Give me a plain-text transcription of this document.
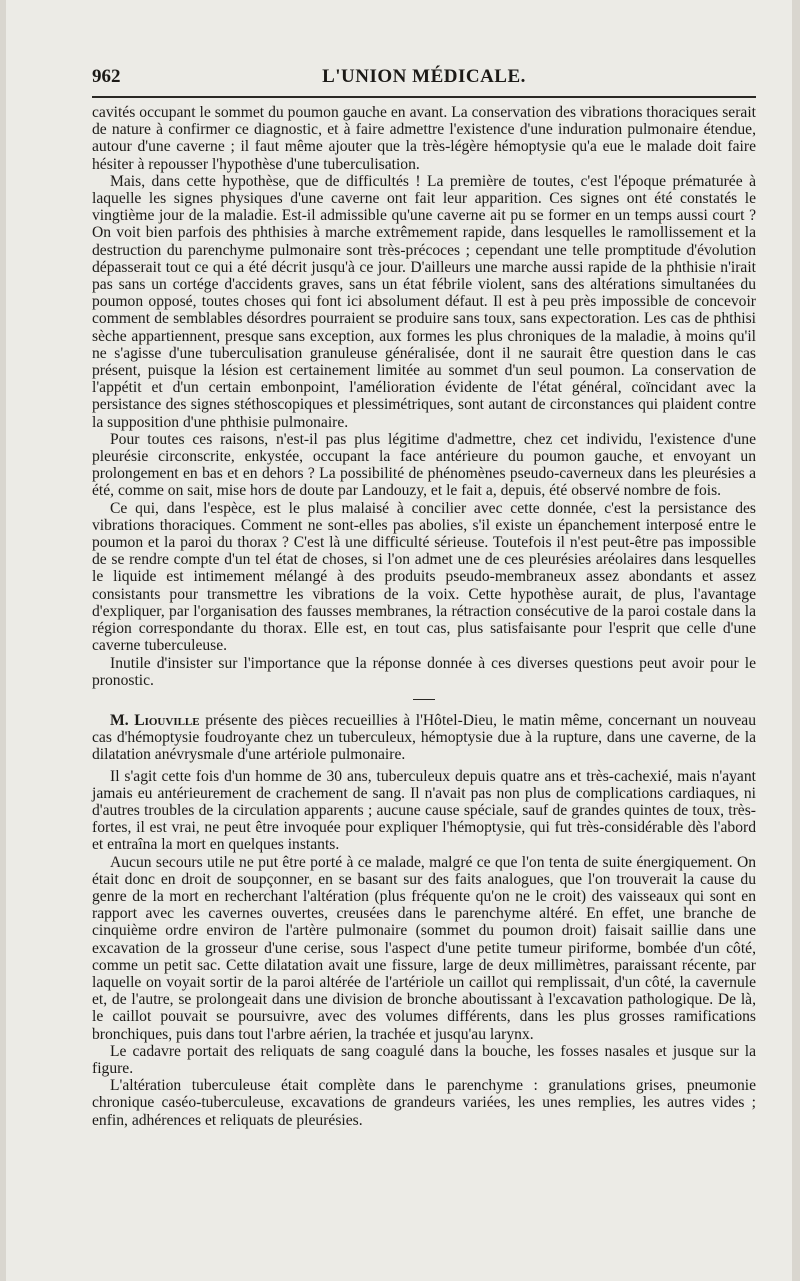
962	L'UNION MÉDICALE.

cavités occupant le sommet du poumon gauche en avant. La conservation des vibrations thoraciques serait de nature à confirmer ce diagnostic, et à faire admettre l'existence d'une induration pulmonaire étendue, autour d'une caverne ; il faut même ajouter que la très-légère hémoptysie qu'a eue le malade doit faire hésiter à repousser l'hypothèse d'une tuberculisation.

Mais, dans cette hypothèse, que de difficultés ! La première de toutes, c'est l'époque prématurée à laquelle les signes physiques d'une caverne ont fait leur apparition. Ces signes ont été constatés le vingtième jour de la maladie. Est-il admissible qu'une caverne ait pu se former en un temps aussi court ? On voit bien parfois des phthisies à marche extrêmement rapide, dans lesquelles le ramollissement et la destruction du parenchyme pulmonaire sont très-précoces ; cependant une telle promptitude d'évolution dépasserait tout ce qui a été décrit jusqu'à ce jour. D'ailleurs une marche aussi rapide de la phthisie n'irait pas sans un cortége d'accidents graves, sans un état fébrile violent, sans des altérations simultanées du poumon opposé, toutes choses qui font ici absolument défaut. Il est à peu près impossible de concevoir comment de semblables désordres pourraient se produire sans toux, sans expectoration. Les cas de phthisi sèche appartiennent, presque sans exception, aux formes les plus chroniques de la maladie, à moins qu'il ne s'agisse d'une tuberculisation granuleuse généralisée, dont il ne saurait être question dans le cas présent, puisque la lésion est certainement limitée au sommet d'un seul poumon. La conservation de l'appétit et d'un certain embonpoint, l'amélioration évidente de l'état général, coïncidant avec la persistance des signes stéthoscopiques et plessimétriques, sont autant de circonstances qui plaident contre la supposition d'une phthisie pulmonaire.

Pour toutes ces raisons, n'est-il pas plus légitime d'admettre, chez cet individu, l'existence d'une pleurésie circonscrite, enkystée, occupant la face antérieure du poumon gauche, et envoyant un prolongement en bas et en dehors ? La possibilité de phénomènes pseudo-caverneux dans les pleurésies a été, comme on sait, mise hors de doute par Landouzy, et le fait a, depuis, été observé nombre de fois.

Ce qui, dans l'espèce, est le plus malaisé à concilier avec cette donnée, c'est la persistance des vibrations thoraciques. Comment ne sont-elles pas abolies, s'il existe un épanchement interposé entre le poumon et la paroi du thorax ? C'est là une difficulté sérieuse. Toutefois il n'est peut-être pas impossible de se rendre compte d'un tel état de choses, si l'on admet une de ces pleurésies aréolaires dans lesquelles le liquide est intimement mélangé à des produits pseudo-membraneux assez abondants et assez consistants pour transmettre les vibrations de la voix. Cette hypothèse aurait, de plus, l'avantage d'expliquer, par l'organisation des fausses membranes, la rétraction consécutive de la paroi costale dans la région correspondante du thorax. Elle est, en tout cas, plus satisfaisante pour l'esprit que celle d'une caverne tuberculeuse.

Inutile d'insister sur l'importance que la réponse donnée à ces diverses questions peut avoir pour le pronostic.

M. Liouville présente des pièces recueillies à l'Hôtel-Dieu, le matin même, concernant un nouveau cas d'hémoptysie foudroyante chez un tuberculeux, hémoptysie due à la rupture, dans une caverne, de la dilatation anévrysmale d'une artériole pulmonaire.

Il s'agit cette fois d'un homme de 30 ans, tuberculeux depuis quatre ans et très-cachexié, mais n'ayant jamais eu antérieurement de crachement de sang. Il n'avait pas non plus de complications cardiaques, ni d'autres troubles de la circulation apparents ; aucune cause spéciale, sauf de grandes quintes de toux, très-fortes, il est vrai, ne peut être invoquée pour expliquer l'hémoptysie, qui fut très-considérable dès l'abord et entraîna la mort en quelques instants.

Aucun secours utile ne put être porté à ce malade, malgré ce que l'on tenta de suite énergiquement. On était donc en droit de soupçonner, en se basant sur des faits analogues, que l'on trouverait la cause du genre de la mort en recherchant l'altération (plus fréquente qu'on ne le croit) des vaisseaux qui sont en rapport avec les cavernes ouvertes, creusées dans le parenchyme altéré. En effet, une branche de cinquième ordre environ de l'artère pulmonaire (sommet du poumon droit) faisait saillie dans une excavation de la grosseur d'une cerise, sous l'aspect d'une petite tumeur piriforme, bombée d'un côté, comme un petit sac. Cette dilatation avait une fissure, large de deux millimètres, paraissant récente, par laquelle on voyait sortir de la paroi altérée de l'artériole un caillot qui remplissait, d'un côté, la cavernule et, de l'autre, se prolongeait dans une division de bronche aboutissant à l'excavation pathologique. De là, le caillot pouvait se poursuivre, avec des volumes différents, dans les plus grosses ramifications bronchiques, puis dans tout l'arbre aérien, la trachée et jusqu'au larynx.

Le cadavre portait des reliquats de sang coagulé dans la bouche, les fosses nasales et jusque sur la figure.

L'altération tuberculeuse était complète dans le parenchyme : granulations grises, pneumonie chronique caséo-tuberculeuse, excavations de grandeurs variées, les unes remplies, les autres vides ; enfin, adhérences et reliquats de pleurésies.
